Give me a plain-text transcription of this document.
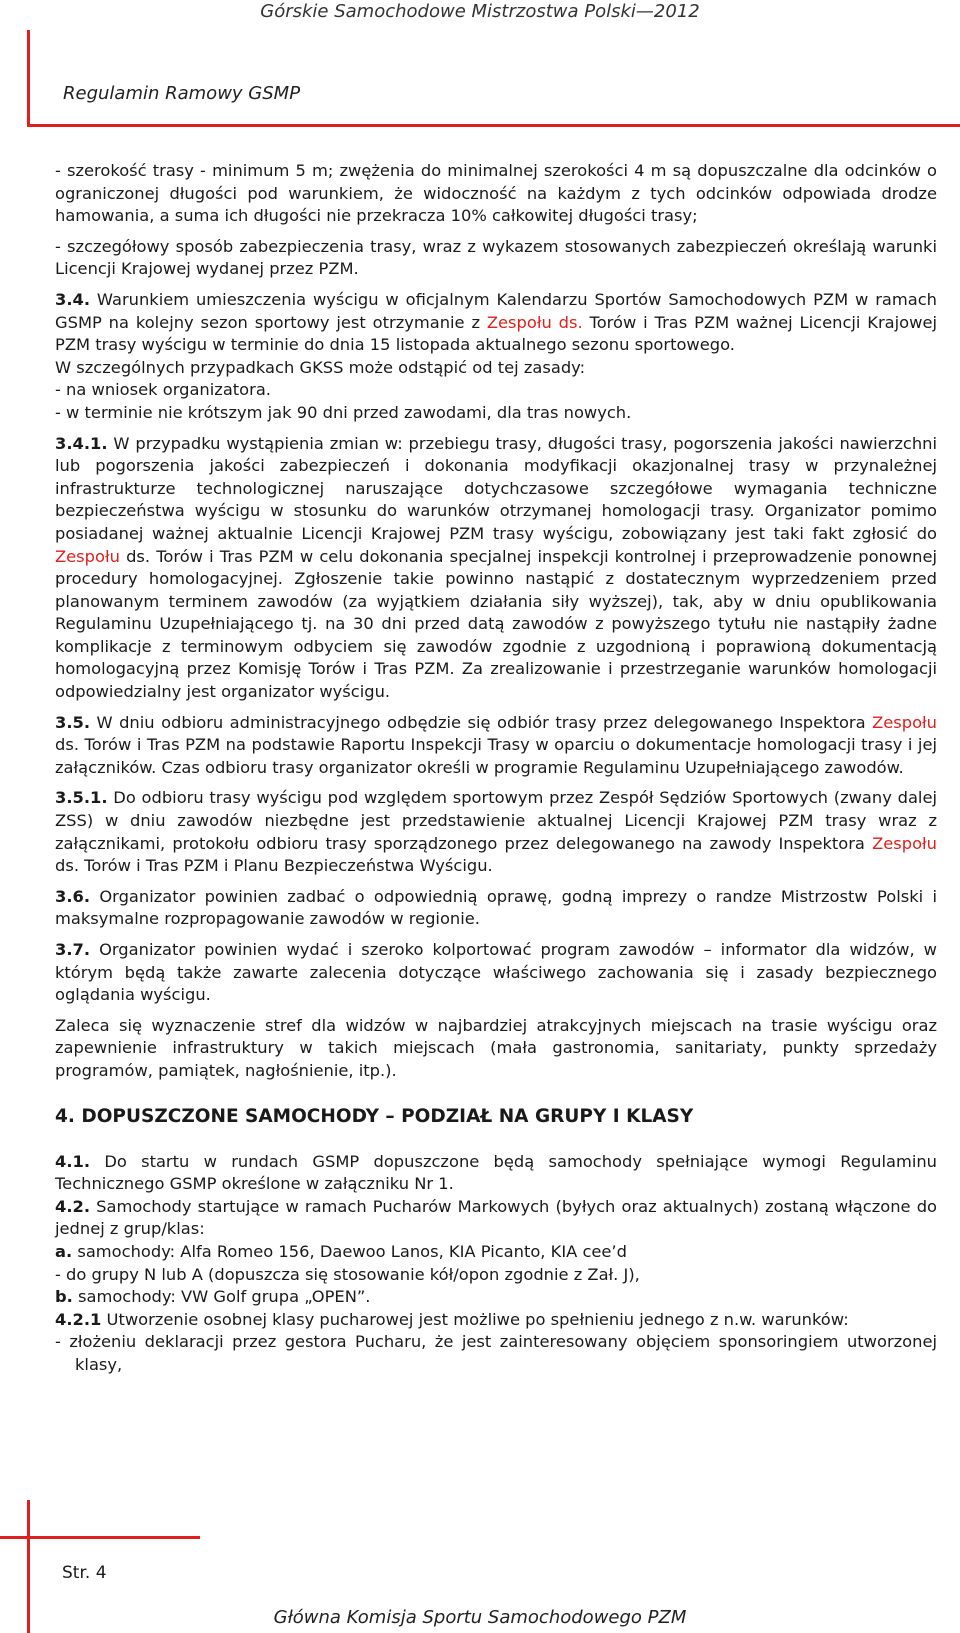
Górskie Samochodowe Mistrzostwa Polski—2012
Regulamin Ramowy GSMP

- szerokość trasy - minimum 5 m; zwężenia do minimalnej szerokości 4 m są dopuszczalne dla odcinków o ograniczonej długości pod warunkiem, że widoczność na każdym z tych odcinków odpowiada drodze hamowania, a suma ich długości nie przekracza 10% całkowitej długości trasy;

- szczegółowy sposób zabezpieczenia trasy, wraz z wykazem stosowanych zabezpieczeń określają warunki Licencji Krajowej wydanej przez PZM.

3.4. Warunkiem umieszczenia wyścigu w oficjalnym Kalendarzu Sportów Samochodowych PZM w ramach GSMP na kolejny sezon sportowy jest otrzymanie z Zespołu ds. Torów i Tras PZM ważnej Licencji Krajowej PZM trasy wyścigu w terminie do dnia 15 listopada aktualnego sezonu sportowego.

W szczególnych przypadkach GKSS może odstąpić od tej zasady:

- na wniosek organizatora.

- w terminie nie krótszym jak 90 dni przed zawodami, dla tras nowych.

3.4.1. W przypadku wystąpienia zmian w: przebiegu trasy, długości trasy, pogorszenia jakości nawierzchni lub pogorszenia jakości zabezpieczeń i dokonania modyfikacji okazjonalnej trasy w przynależnej infrastrukturze technologicznej naruszające dotychczasowe szczegółowe wymagania techniczne bezpieczeństwa wyścigu w stosunku do warunków otrzymanej homologacji trasy. Organizator pomimo posiadanej ważnej aktualnie Licencji Krajowej PZM trasy wyścigu, zobowiązany jest taki fakt zgłosić do Zespołu ds. Torów i Tras PZM w celu dokonania specjalnej inspekcji kontrolnej i przeprowadzenie ponownej procedury homologacyjnej. Zgłoszenie takie powinno nastąpić z dostatecznym wyprzedzeniem przed planowanym terminem zawodów (za wyjątkiem działania siły wyższej), tak, aby w dniu opublikowania Regulaminu Uzupełniającego tj. na 30 dni przed datą zawodów z powyższego tytułu nie nastąpiły żadne komplikacje z terminowym odbyciem się zawodów zgodnie z uzgodnioną i poprawioną dokumentacją homologacyjną przez Komisję Torów i Tras PZM. Za zrealizowanie i przestrzeganie warunków homologacji odpowiedzialny jest organizator wyścigu.

3.5. W dniu odbioru administracyjnego odbędzie się odbiór trasy przez delegowanego Inspektora Zespołu ds. Torów i Tras PZM na podstawie Raportu Inspekcji Trasy w oparciu o dokumentacje homologacji trasy i jej załączników. Czas odbioru trasy organizator określi w programie Regulaminu Uzupełniającego zawodów.

3.5.1. Do odbioru trasy wyścigu pod względem sportowym przez Zespół Sędziów Sportowych (zwany dalej ZSS) w dniu zawodów niezbędne jest przedstawienie aktualnej Licencji Krajowej PZM trasy wraz z załącznikami, protokołu odbioru trasy sporządzonego przez delegowanego na zawody Inspektora Zespołu ds. Torów i Tras PZM i Planu Bezpieczeństwa Wyścigu.

3.6. Organizator powinien zadbać o odpowiednią oprawę, godną imprezy o randze Mistrzostw Polski i maksymalne rozpropagowanie zawodów w regionie.

3.7. Organizator powinien wydać i szeroko kolportować program zawodów – informator dla widzów, w którym będą także zawarte zalecenia dotyczące właściwego zachowania się i zasady bezpiecznego oglądania wyścigu.

Zaleca się wyznaczenie stref dla widzów w najbardziej atrakcyjnych miejscach na trasie wyścigu oraz zapewnienie infrastruktury w takich miejscach (mała gastronomia, sanitariaty, punkty sprzedaży programów, pamiątek, nagłośnienie, itp.).

4. DOPUSZCZONE SAMOCHODY – PODZIAŁ NA GRUPY I KLASY

4.1. Do startu w rundach GSMP dopuszczone będą samochody spełniające wymogi Regulaminu Technicznego GSMP określone w załączniku Nr 1.

4.2. Samochody startujące w ramach Pucharów Markowych (byłych oraz aktualnych) zostaną włączone do jednej z grup/klas:

a. samochody: Alfa Romeo 156, Daewoo Lanos, KIA Picanto, KIA cee’d

- do grupy N lub A (dopuszcza się stosowanie kół/opon zgodnie z Zał. J),

b. samochody: VW Golf grupa „OPEN”.

4.2.1 Utworzenie osobnej klasy pucharowej jest możliwe po spełnieniu jednego z n.w. warunków:

- złożeniu deklaracji przez gestora Pucharu, że jest zainteresowany objęciem sponsoringiem utworzonej klasy,

Str. 4
Główna Komisja Sportu Samochodowego PZM
